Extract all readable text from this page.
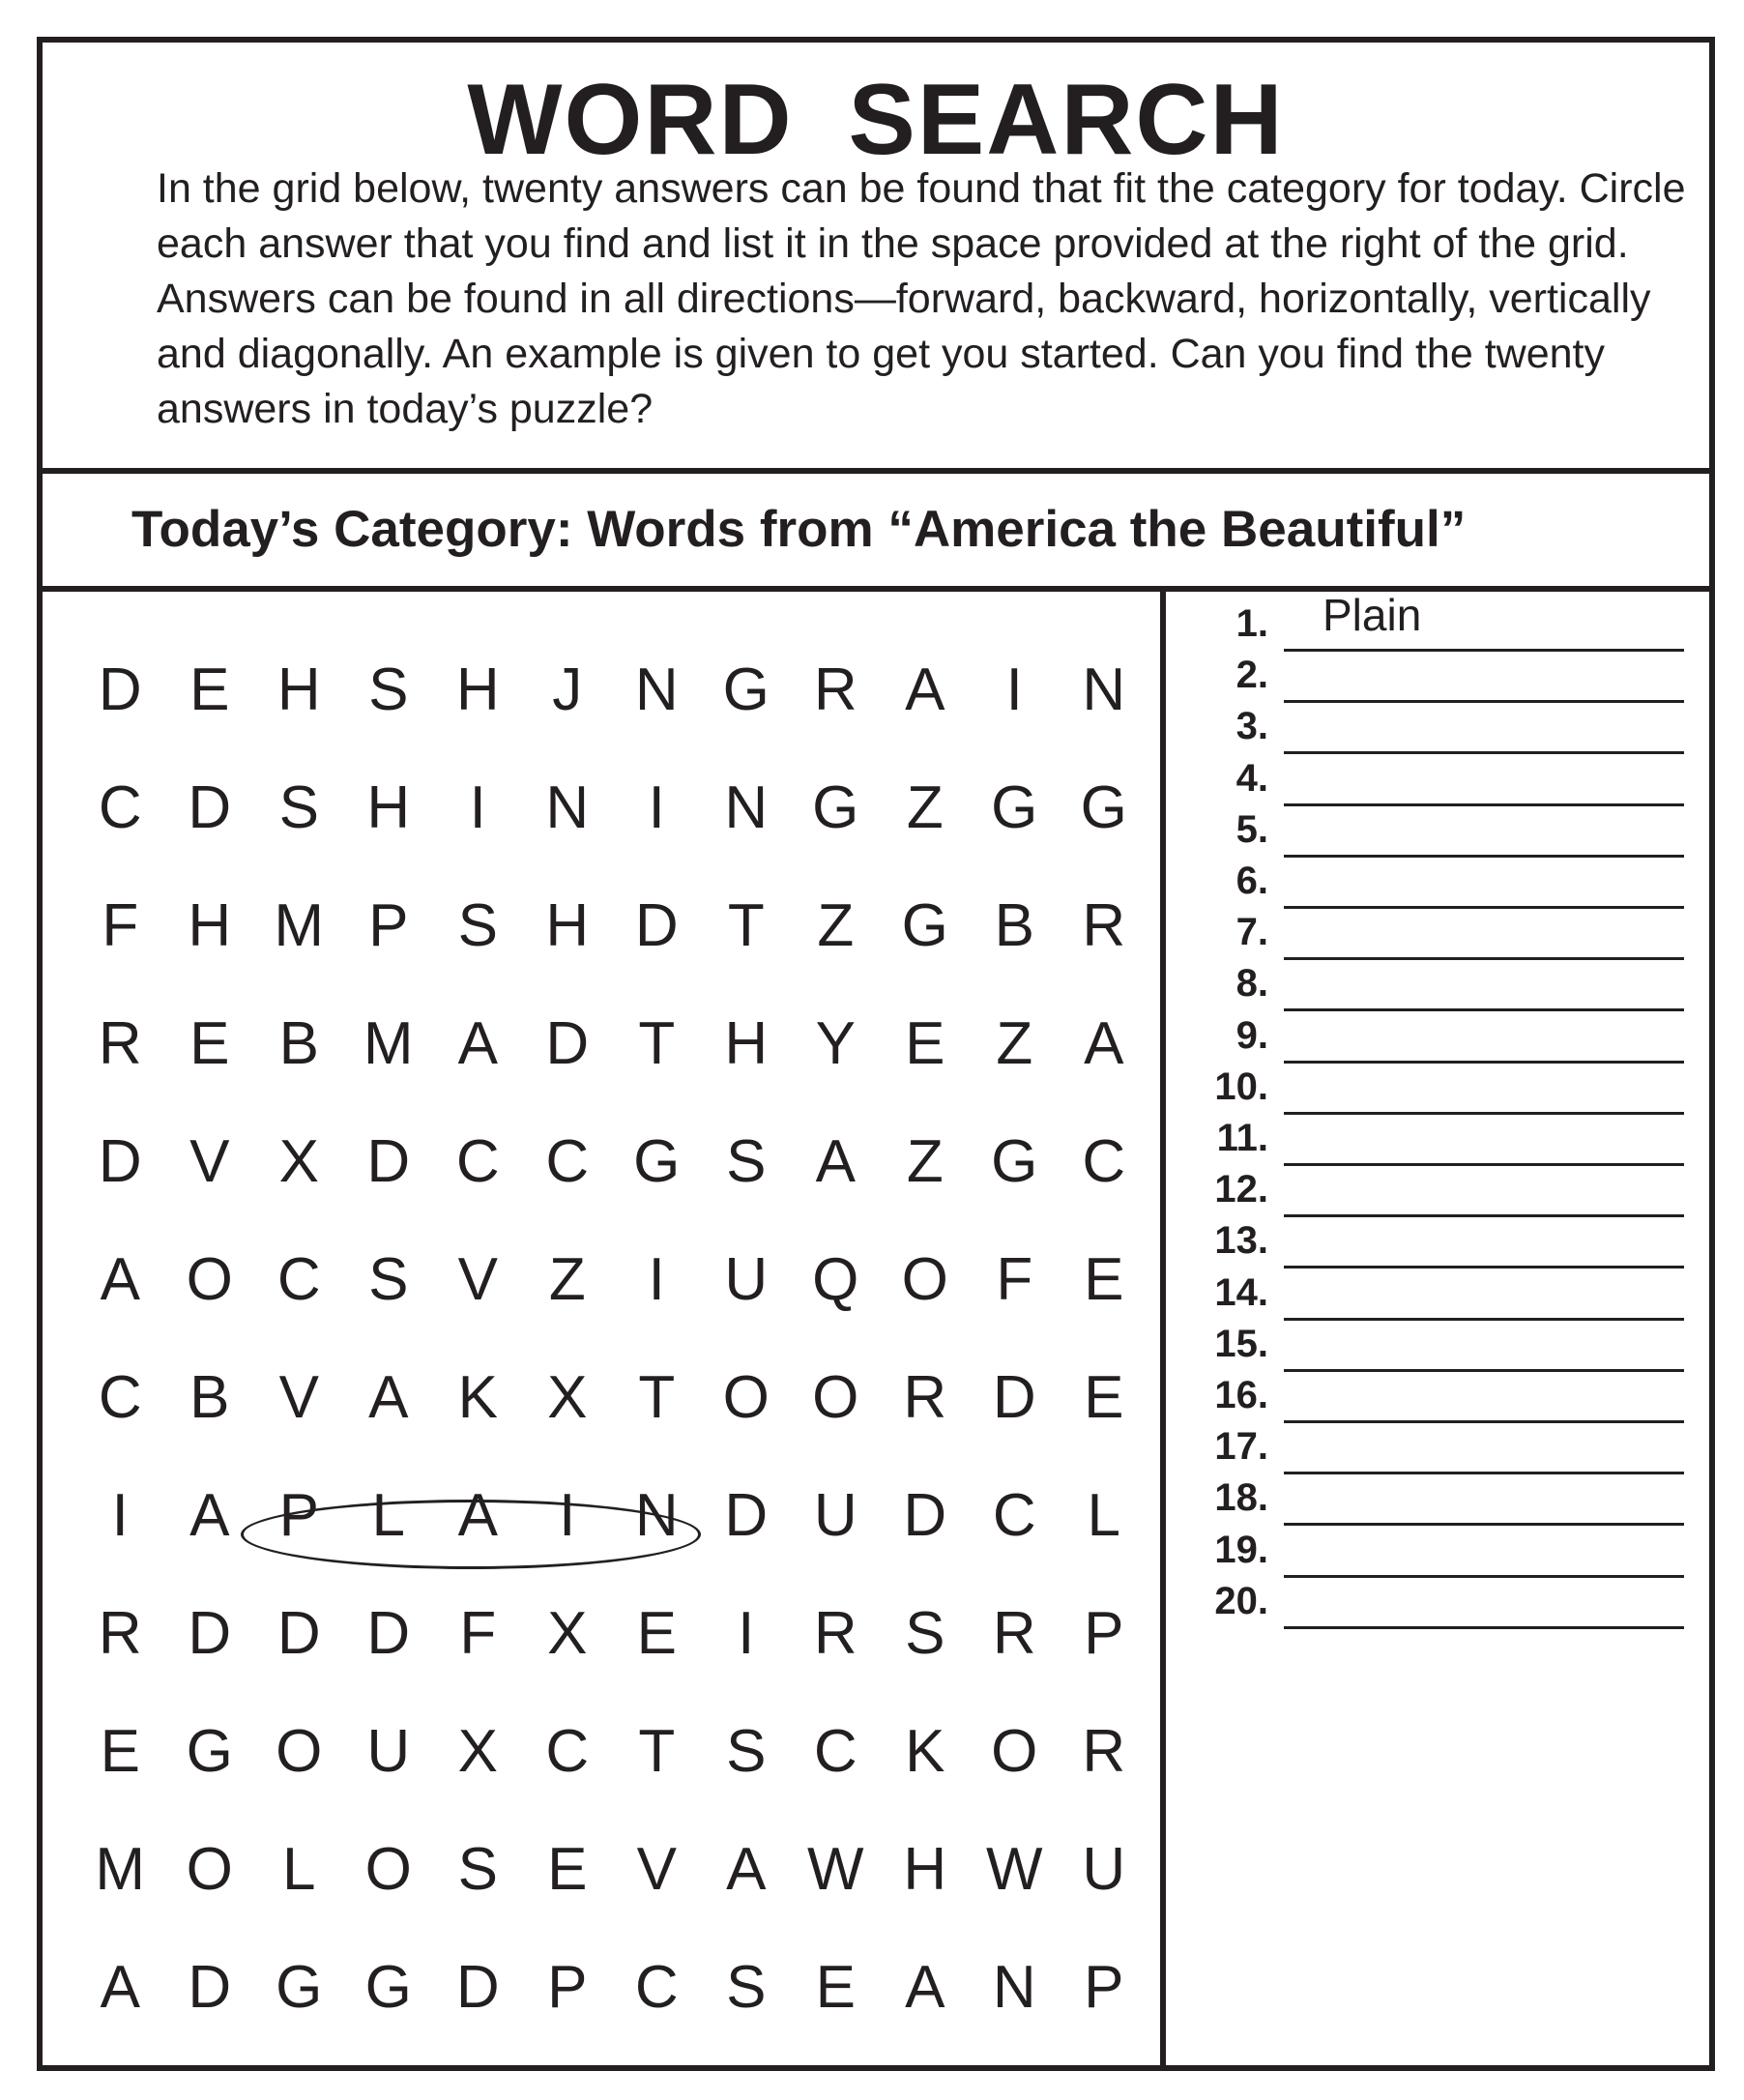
WORD SEARCH

In the grid below, twenty answers can be found that fit the category for today. Circle each answer that you find and list it in the space provided at the right of the grid. Answers can be found in all directions—forward, backward, horizontally, vertically and diagonally. An example is given to get you started. Can you find the twenty answers in today’s puzzle?

Today’s Category: Words from “America the Beautiful”
D E H S H J N G R A	I N
C D S H I N I N G Z G G
F H M P S H D T Z G B R
R E B M A D T H Y E Z A
D V X D C C G S A Z G C
A O C S V Z	I U Q O F E
C B V A K X T O O R D E
I	A P L A	I N D U D C L
R D D D F X E	I R S R P
E G O U X C T S C K O R
M O L O S E V A W H W U
A D G G D P C S E A N P
1. Plain
2.
3.
4.
5.
6.
7.
8.
9.
10.
11.
12.
13.
14.
15.
16.
17.
18.
19.
20.
